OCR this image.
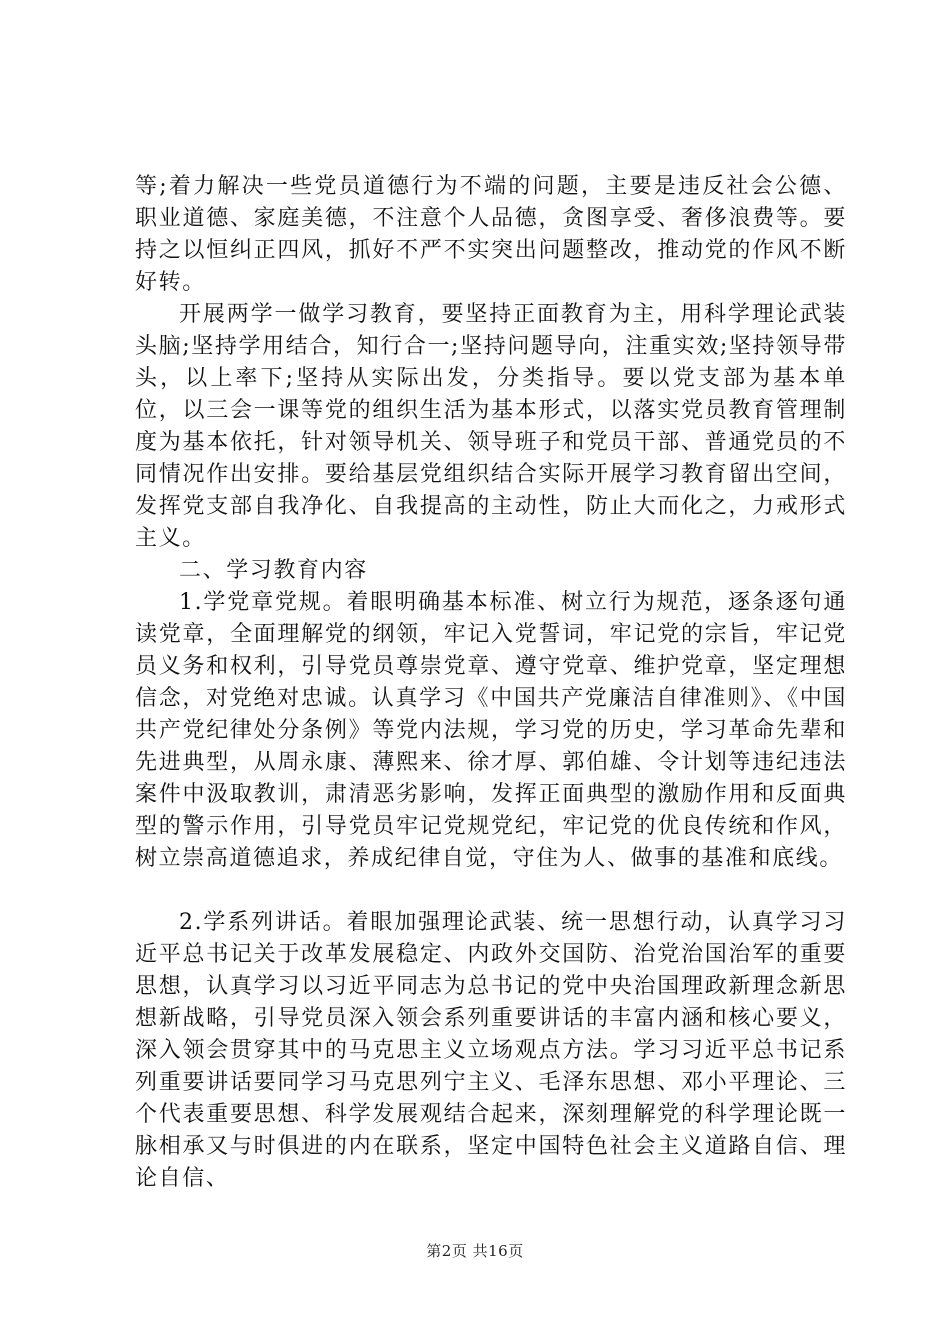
等;着力解决一些党员道德行为不端的问题，主要是违反社会公德、职业道德、家庭美德，不注意个人品德，贪图享受、奢侈浪费等。要持之以恒纠正四风，抓好不严不实突出问题整改，推动党的作风不断好转。

开展两学一做学习教育，要坚持正面教育为主，用科学理论武装头脑;坚持学用结合，知行合一;坚持问题导向，注重实效;坚持领导带头，以上率下;坚持从实际出发，分类指导。要以党支部为基本单位，以三会一课等党的组织生活为基本形式，以落实党员教育管理制度为基本依托，针对领导机关、领导班子和党员干部、普通党员的不同情况作出安排。要给基层党组织结合实际开展学习教育留出空间，发挥党支部自我净化、自我提高的主动性，防止大而化之，力戒形式主义。

二、学习教育内容

1.学党章党规。着眼明确基本标准、树立行为规范，逐条逐句通读党章，全面理解党的纲领，牢记入党誓词，牢记党的宗旨，牢记党员义务和权利，引导党员尊崇党章、遵守党章、维护党章，坚定理想信念，对党绝对忠诚。认真学习《中国共产党廉洁自律准则》、《中国共产党纪律处分条例》等党内法规，学习党的历史，学习革命先辈和先进典型，从周永康、薄熙来、徐才厚、郭伯雄、令计划等违纪违法案件中汲取教训，肃清恶劣影响，发挥正面典型的激励作用和反面典型的警示作用，引导党员牢记党规党纪，牢记党的优良传统和作风，树立崇高道德追求，养成纪律自觉，守住为人、做事的基准和底线。

2.学系列讲话。着眼加强理论武装、统一思想行动，认真学习习近平总书记关于改革发展稳定、内政外交国防、治党治国治军的重要思想，认真学习以习近平同志为总书记的党中央治国理政新理念新思想新战略，引导党员深入领会系列重要讲话的丰富内涵和核心要义，深入领会贯穿其中的马克思主义立场观点方法。学习习近平总书记系列重要讲话要同学习马克思列宁主义、毛泽东思想、邓小平理论、三个代表重要思想、科学发展观结合起来，深刻理解党的科学理论既一脉相承又与时俱进的内在联系，坚定中国特色社会主义道路自信、理论自信、

第2页 共16页
